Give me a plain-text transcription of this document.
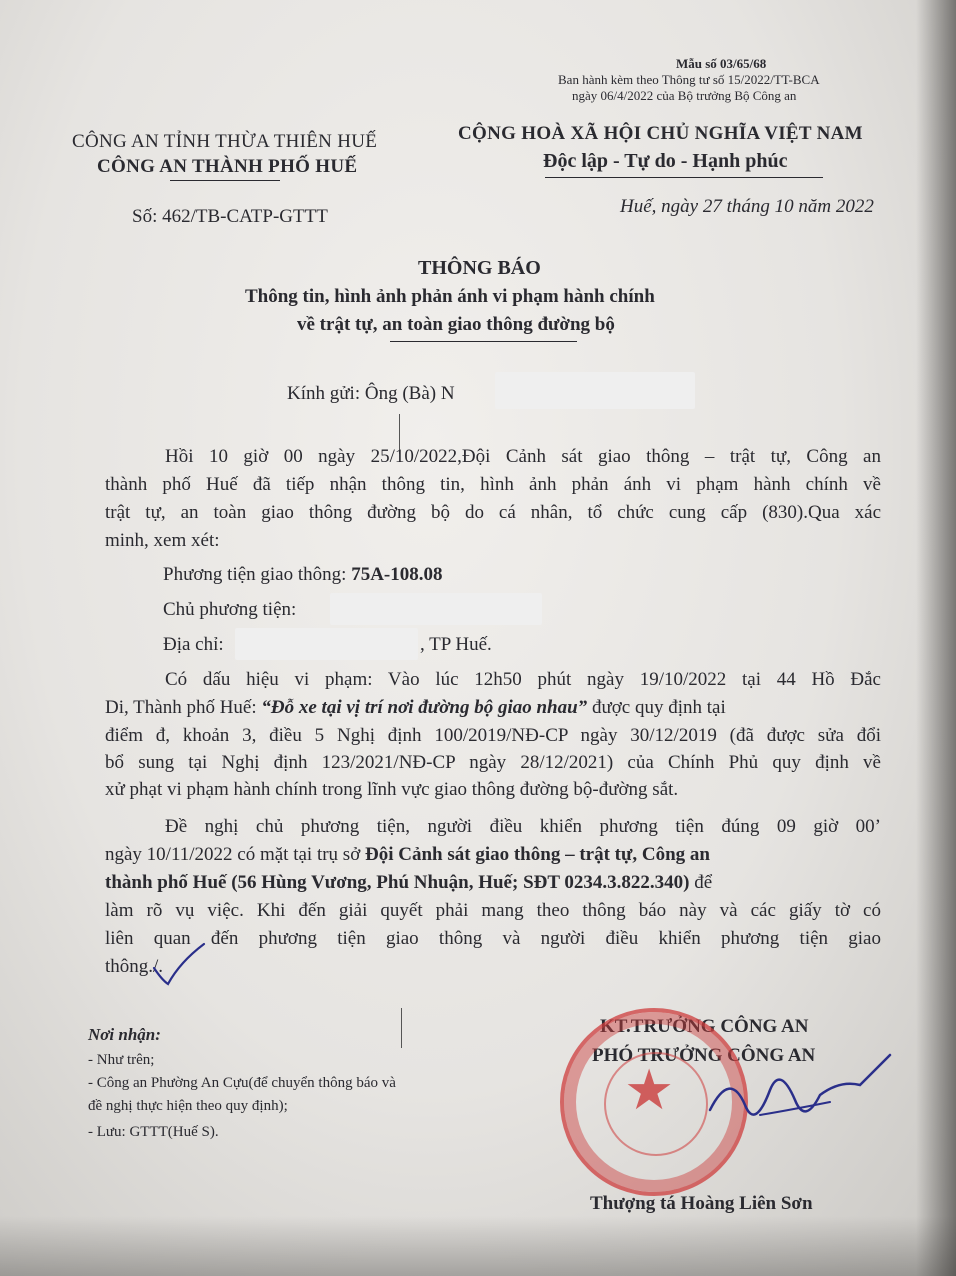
Mẫu số 03/65/68
Ban hành kèm theo Thông tư số 15/2022/TT-BCA
ngày 06/4/2022 của Bộ trưởng Bộ Công an
CÔNG AN TỈNH THỪA THIÊN HUẾ
CÔNG AN THÀNH PHỐ HUẾ
CỘNG HOÀ XÃ HỘI CHỦ NGHĨA VIỆT NAM
Độc lập - Tự do - Hạnh phúc
Số: 462/TB-CATP-GTTT	Huế, ngày 27 tháng 10 năm 2022
THÔNG BÁO
Thông tin, hình ảnh phản ánh vi phạm hành chính
về trật tự, an toàn giao thông đường bộ
Kính gửi: Ông (Bà) N
Hồi 10 giờ 00 ngày 25/10/2022,Đội Cảnh sát giao thông – trật tự, Công an
thành phố Huế đã tiếp nhận thông tin, hình ảnh phản ánh vi phạm hành chính về
trật tự, an toàn giao thông đường bộ do cá nhân, tổ chức cung cấp (830).Qua xác
minh, xem xét:
Phương tiện giao thông: 75A-108.08
Chủ phương tiện:
Địa chỉ:	, TP Huế.
Có dấu hiệu vi phạm: Vào lúc 12h50 phút ngày 19/10/2022 tại 44 Hồ Đắc
Di, Thành phố Huế: “Đỗ xe tại vị trí nơi đường bộ giao nhau” được quy định tại
điểm đ, khoản 3, điều 5 Nghị định 100/2019/NĐ-CP ngày 30/12/2019 (đã được sửa đổi
bổ sung tại Nghị định 123/2021/NĐ-CP ngày 28/12/2021) của Chính Phủ quy định về
xử phạt vi phạm hành chính trong lĩnh vực giao thông đường bộ-đường sắt.
Đề nghị chủ phương tiện, người điều khiển phương tiện đúng 09 giờ 00’
ngày 10/11/2022 có mặt tại trụ sở Đội Cảnh sát giao thông – trật tự, Công an
thành phố Huế (56 Hùng Vương, Phú Nhuận, Huế; SĐT 0234.3.822.340) để
làm rõ vụ việc. Khi đến giải quyết phải mang theo thông báo này và các giấy tờ có
liên quan đến phương tiện giao thông và người điều khiển phương tiện giao
thông./.
Nơi nhận:
- Như trên;
- Công an Phường An Cựu(để chuyển thông báo và
đề nghị thực hiện theo quy định);
- Lưu: GTTT(Huế S).
KT.TRƯỞNG CÔNG AN
PHÓ TRƯỞNG CÔNG AN
★
Thượng tá Hoàng Liên Sơn
